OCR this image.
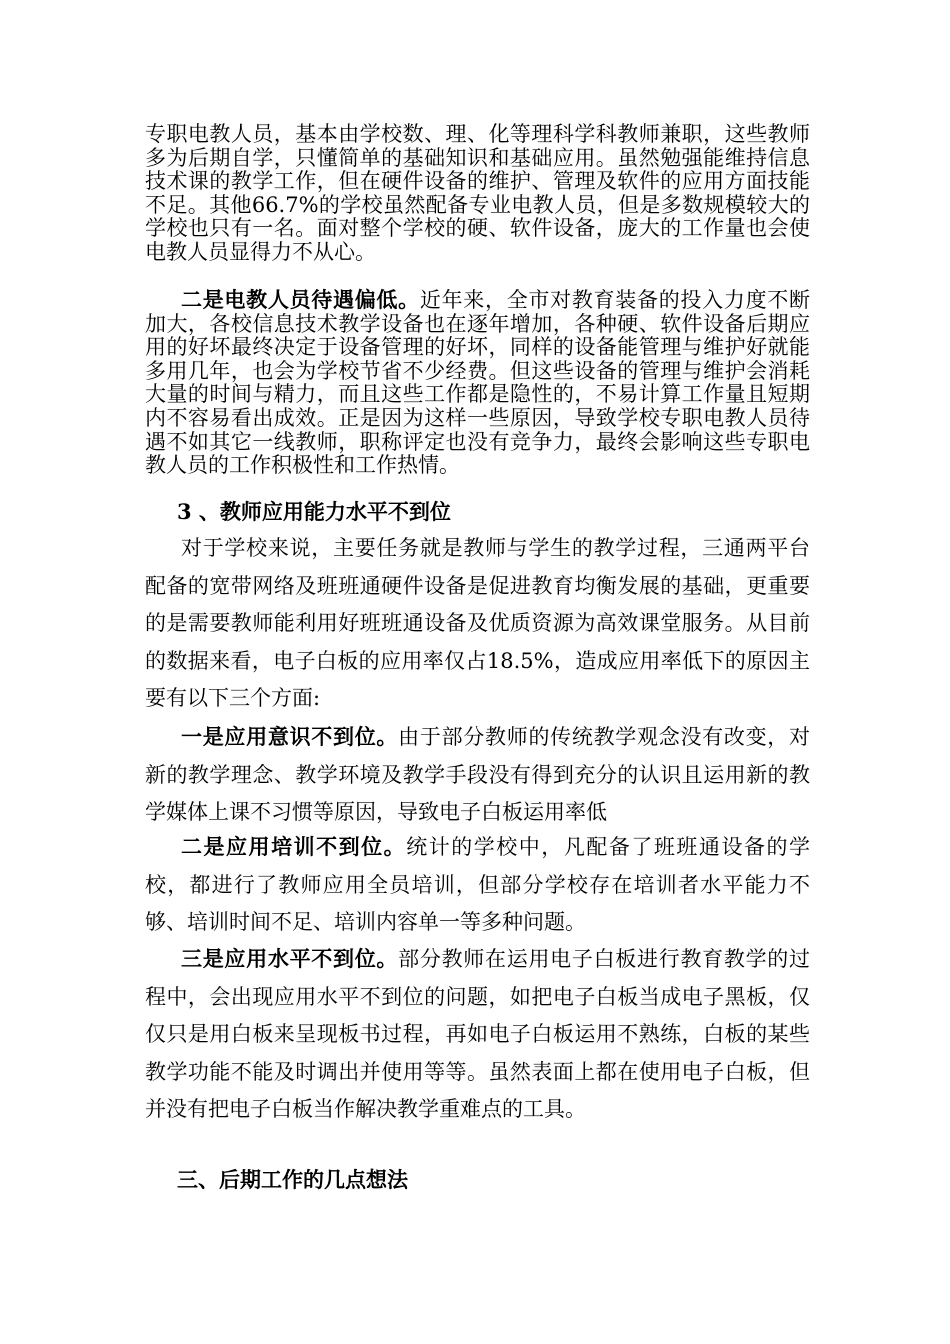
专职电教人员，基本由学校数、理、化等理科学科教师兼职，这些教师多为后期自学，只懂简单的基础知识和基础应用。虽然勉强能维持信息技术课的教学工作，但在硬件设备的维护、管理及软件的应用方面技能不足。其他66.7%的学校虽然配备专业电教人员，但是多数规模较大的学校也只有一名。面对整个学校的硬、软件设备，庞大的工作量也会使电教人员显得力不从心。

二是电教人员待遇偏低。近年来，全市对教育装备的投入力度不断加大，各校信息技术教学设备也在逐年增加，各种硬、软件设备后期应用的好坏最终决定于设备管理的好坏，同样的设备能管理与维护好就能多用几年，也会为学校节省不少经费。但这些设备的管理与维护会消耗大量的时间与精力，而且这些工作都是隐性的，不易计算工作量且短期内不容易看出成效。正是因为这样一些原因，导致学校专职电教人员待遇不如其它一线教师，职称评定也没有竞争力，最终会影响这些专职电教人员的工作积极性和工作热情。

3 、教师应用能力水平不到位

对于学校来说，主要任务就是教师与学生的教学过程，三通两平台配备的宽带网络及班班通硬件设备是促进教育均衡发展的基础，更重要的是需要教师能利用好班班通设备及优质资源为高效课堂服务。从目前的数据来看，电子白板的应用率仅占18.5%，造成应用率低下的原因主要有以下三个方面:

一是应用意识不到位。由于部分教师的传统教学观念没有改变，对新的教学理念、教学环境及教学手段没有得到充分的认识且运用新的教学媒体上课不习惯等原因，导致电子白板运用率低

二是应用培训不到位。统计的学校中，凡配备了班班通设备的学校，都进行了教师应用全员培训，但部分学校存在培训者水平能力不够、培训时间不足、培训内容单一等多种问题。

三是应用水平不到位。部分教师在运用电子白板进行教育教学的过程中，会出现应用水平不到位的问题，如把电子白板当成电子黑板，仅仅只是用白板来呈现板书过程，再如电子白板运用不熟练，白板的某些教学功能不能及时调出并使用等等。虽然表面上都在使用电子白板，但并没有把电子白板当作解决教学重难点的工具。

三、后期工作的几点想法
